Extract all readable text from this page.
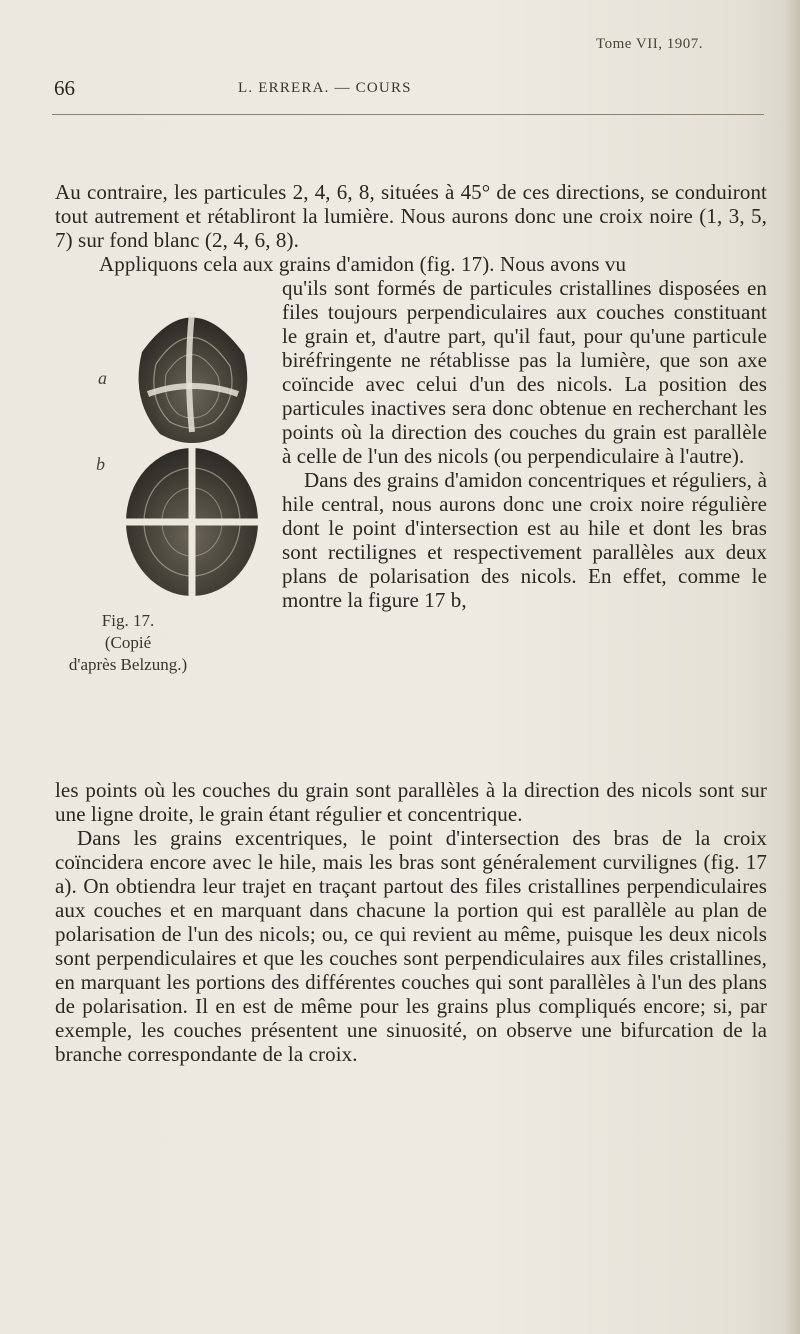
Tome VII, 1907.
66	L. ERRERA. — COURS
Au contraire, les particules 2, 4, 6, 8, situées à 45° de ces directions, se conduiront tout autrement et rétabliront la lumière. Nous aurons donc une croix noire (1, 3, 5, 7) sur fond blanc (2, 4, 6, 8).
Appliquons cela aux grains d'amidon (fig. 17). Nous avons vu
a
b
Fig. 17.
(Copié
d'après Belzung.)

qu'ils sont formés de particules cristallines disposées en files toujours perpendiculaires aux couches constituant le grain et, d'autre part, qu'il faut, pour qu'une particule biréfringente ne rétablisse pas la lumière, que son axe coïncide avec celui d'un des nicols. La position des particules inactives sera donc obtenue en recherchant les points où la direction des couches du grain est parallèle à celle de l'un des nicols (ou perpendiculaire à l'autre).

Dans des grains d'amidon concentriques et réguliers, à hile central, nous aurons donc une croix noire régulière dont le point d'intersection est au hile et dont les bras sont rectilignes et respectivement parallèles aux deux plans de polarisation des nicols. En effet, comme le montre la figure 17 b,

les points où les couches du grain sont parallèles à la direction des nicols sont sur une ligne droite, le grain étant régulier et concentrique.

Dans les grains excentriques, le point d'intersection des bras de la croix coïncidera encore avec le hile, mais les bras sont généralement curvilignes (fig. 17 a). On obtiendra leur trajet en traçant partout des files cristallines perpendiculaires aux couches et en marquant dans chacune la portion qui est parallèle au plan de polarisation de l'un des nicols; ou, ce qui revient au même, puisque les deux nicols sont perpendiculaires et que les couches sont perpendiculaires aux files cristallines, en marquant les portions des différentes couches qui sont parallèles à l'un des plans de polarisation. Il en est de même pour les grains plus compliqués encore; si, par exemple, les couches présentent une sinuosité, on observe une bifurcation de la branche correspondante de la croix.
